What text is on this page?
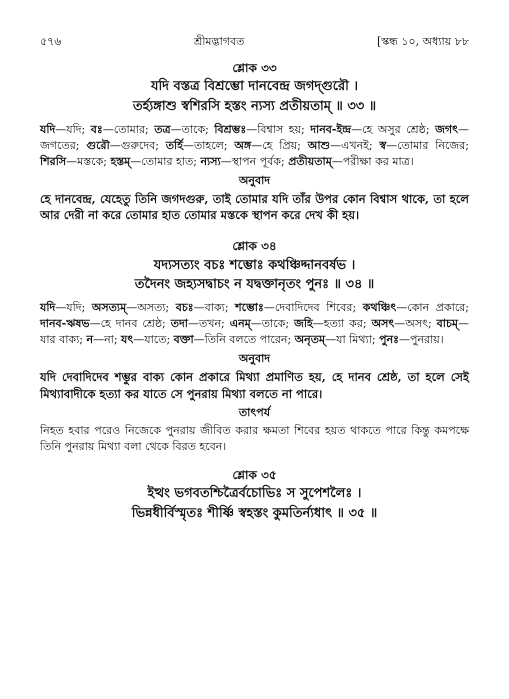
৫৭৬	শ্রীমদ্ভাগবত	[স্কন্ধ ১০, অধ্যায় ৮৮
শ্লোক ৩৩
যদি বস্তত্র বিশ্রম্ভো দানবেন্দ্র জগদ্গুরৌ ।
তর্হ্যঙ্গাশু স্বশিরসি হস্তং ন্যস্য প্রতীয়তাম্ ॥ ৩৩ ॥
যদি—যদি; বঃ—তোমার; তত্র—তাকে; বিশ্রম্ভঃ—বিশ্বাস হয়; দানব-ইন্দ্র—হে অসুর শ্রেষ্ঠ; জগৎ—জগতের; গুরৌ—গুরুদেব; তর্হি—তাহলে; অঙ্গ—হে প্রিয়; আশু—এখনই; স্ব—তোমার নিজের; শিরসি—মস্তকে; হস্তম্—তোমার হাত; ন্যস্য—স্থাপন পূর্বক; প্রতীয়তাম্—পরীক্ষা কর মাত্র।
অনুবাদ
হে দানবেন্দ্র, যেহেতু তিনি জগদগুরু, তাই তোমার যদি তাঁর উপর কোন বিশ্বাস থাকে, তা হলে আর দেরী না করে তোমার হাত তোমার মস্তকে স্থাপন করে দেখ কী হয়।
শ্লোক ৩৪
যদ্যসত্যং বচঃ শম্ভোঃ কথঞ্চিদ্দানবর্ষভ ।
তদৈনং জহ্যসদ্বাচং ন যদ্বক্তানৃতং পুনঃ ॥ ৩৪ ॥
যদি—যদি; অসত্যম্—অসত্য; বচঃ—বাক্য; শম্ভোঃ—দেবাদিদেব শিবের; কথঞ্চিৎ—কোন প্রকারে; দানব-ঋষভ—হে দানব শ্রেষ্ঠ; তদা—তখন; এনম্—তাকে; জহি—হত্যা কর; অসৎ—অসৎ; বাচম্—যার বাক্য; ন—না; যৎ—যাতে; বক্তা—তিনি বলতে পারেন; অনৃতম্—যা মিথ্যা; পুনঃ—পুনরায়।
অনুবাদ
যদি দেবাদিদেব শম্ভুর বাক্য কোন প্রকারে মিথ্যা প্রমাণিত হয়, হে দানব শ্রেষ্ঠ, তা হলে সেই মিথ্যাবাদীকে হত্যা কর যাতে সে পুনরায় মিথ্যা বলতে না পারে।
তাৎপর্য
নিহত হবার পরেও নিজেকে পুনরায় জীবিত করার ক্ষমতা শিবের হয়ত থাকতে পারে কিন্তু কমপক্ষে তিনি পুনরায় মিথ্যা বলা থেকে বিরত হবেন।
শ্লোক ৩৫
ইত্থং ভগবতশ্চিত্রৈর্বচোভিঃ স সুপেশলৈঃ ।
ভিন্নধীর্বিস্মৃতঃ শীর্ষ্ণি স্বহস্তং কুমতির্ন্যধাৎ ॥ ৩৫ ॥
